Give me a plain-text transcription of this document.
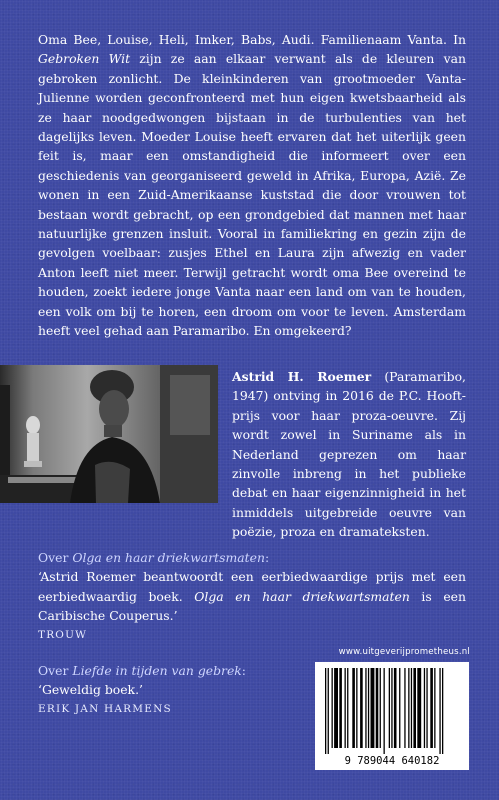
Oma Bee, Louise, Heli, Imker, Babs, Audi. Familienaam Vanta. In Gebroken Wit zijn ze aan elkaar verwant als de kleuren van gebroken zonlicht. De kleinkinderen van grootmoeder Vanta-Julienne worden geconfronteerd met hun eigen kwetsbaarheid als ze haar noodgedwongen bijstaan in de turbulenties van het dagelijks leven. Moeder Louise heeft ervaren dat het uiterlijk geen feit is, maar een omstandigheid die informeert over een geschiedenis van georganiseerd geweld in Afrika, Europa, Azië. Ze wonen in een Zuid-Amerikaanse kuststad die door vrouwen tot bestaan wordt gebracht, op een grondgebied dat mannen met haar natuurlijke grenzen insluit. Vooral in familiekring en gezin zijn de gevolgen voelbaar: zusjes Ethel en Laura zijn afwezig en vader Anton leeft niet meer. Terwijl getracht wordt oma Bee overeind te houden, zoekt iedere jonge Vanta naar een land om van te houden, een volk om bij te horen, een droom om voor te leven. Amsterdam heeft veel gehad aan Paramaribo. En omgekeerd?
Astrid H. Roemer (Paramaribo, 1947) ontving in 2016 de P.C. Hooft-prijs voor haar proza-oeuvre. Zij wordt zowel in Suriname als in Nederland geprezen om haar zinvolle inbreng in het publieke debat en haar eigenzinnigheid in het inmiddels uitgebreide oeuvre van poëzie, proza en dramateksten.
Over Olga en haar driekwartsmaten:
‘Astrid Roemer beantwoordt een eerbiedwaardige prijs met een eerbiedwaardig boek. Olga en haar driekwartsmaten is een Caribische Couperus.’
TROUW
Over Liefde in tijden van gebrek:
‘Geweldig boek.’
ERIK JAN HARMENS
www.uitgeverijprometheus.nl
9 789044 640182
